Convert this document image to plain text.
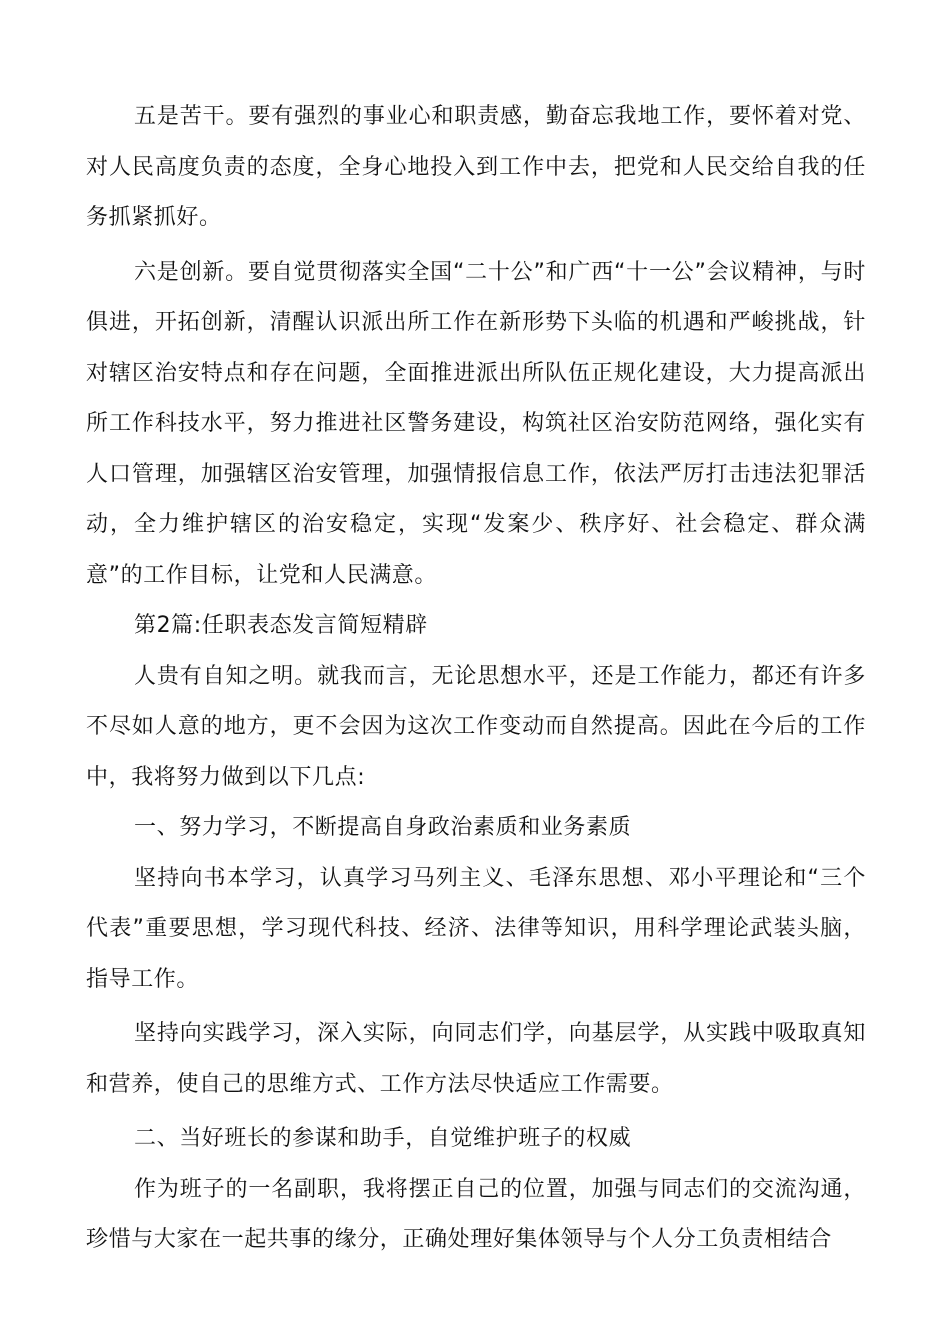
五是苦干。要有强烈的事业心和职责感，勤奋忘我地工作，要怀着对党、对人民高度负责的态度，全身心地投入到工作中去，把党和人民交给自我的任务抓紧抓好。

六是创新。要自觉贯彻落实全国“二十公”和广西“十一公”会议精神，与时俱进，开拓创新，清醒认识派出所工作在新形势下头临的机遇和严峻挑战，针对辖区治安特点和存在问题，全面推进派出所队伍正规化建设，大力提高派出所工作科技水平，努力推进社区警务建设，构筑社区治安防范网络，强化实有人口管理，加强辖区治安管理，加强情报信息工作，依法严厉打击违法犯罪活动，全力维护辖区的治安稳定，实现“发案少、秩序好、社会稳定、群众满意”的工作目标，让党和人民满意。

第2篇:任职表态发言简短精辟

人贵有自知之明。就我而言，无论思想水平，还是工作能力，都还有许多不尽如人意的地方，更不会因为这次工作变动而自然提高。因此在今后的工作中，我将努力做到以下几点:

一、努力学习，不断提高自身政治素质和业务素质

坚持向书本学习，认真学习马列主义、毛泽东思想、邓小平理论和“三个代表”重要思想，学习现代科技、经济、法律等知识，用科学理论武装头脑，指导工作。

坚持向实践学习，深入实际，向同志们学，向基层学，从实践中吸取真知和营养，使自己的思维方式、工作方法尽快适应工作需要。

二、当好班长的参谋和助手，自觉维护班子的权威

作为班子的一名副职，我将摆正自己的位置，加强与同志们的交流沟通，珍惜与大家在一起共事的缘分，正确处理好集体领导与个人分工负责相结合
